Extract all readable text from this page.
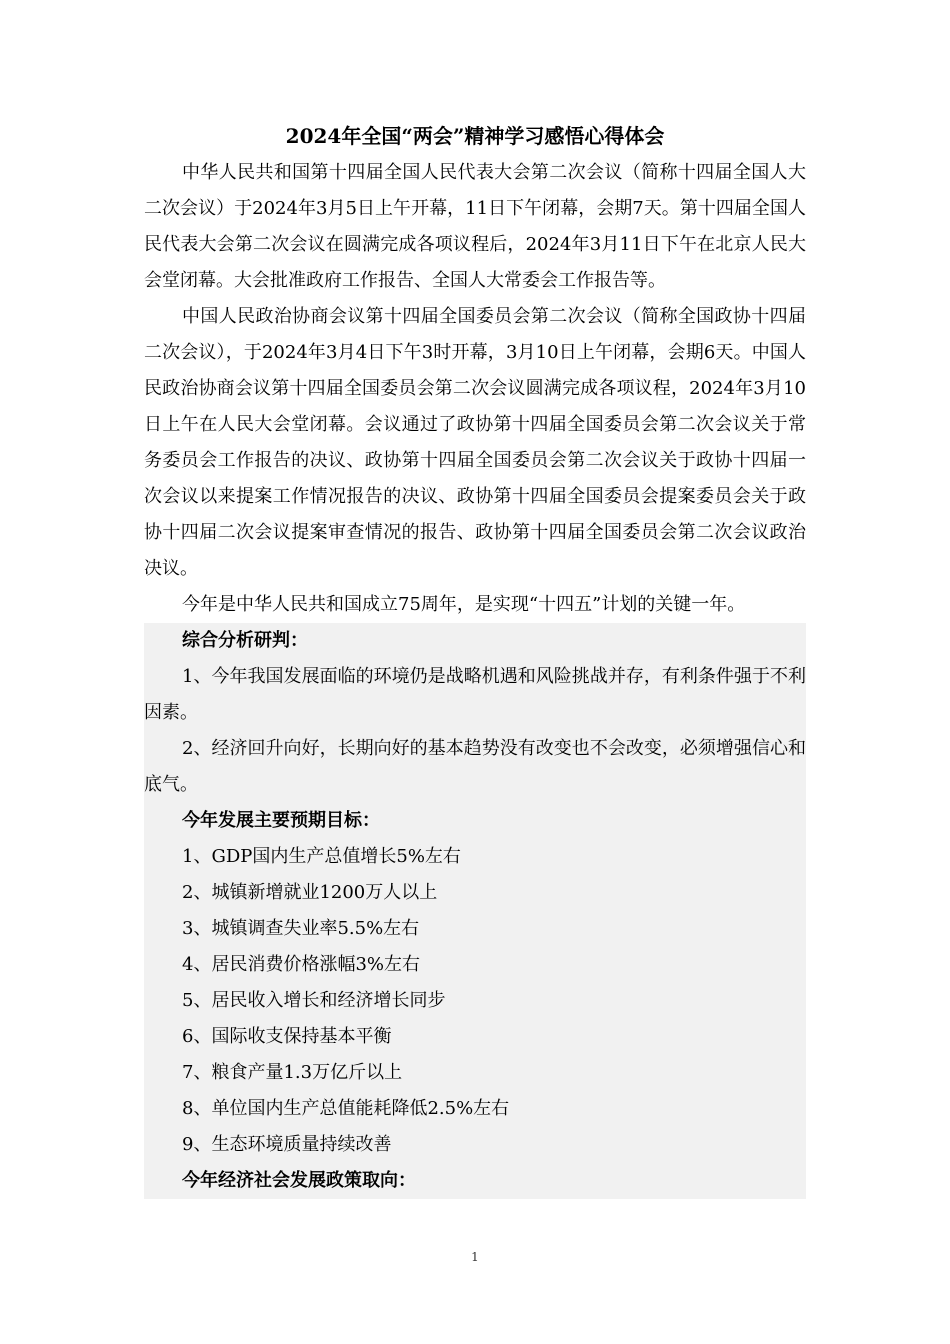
2024年全国“两会”精神学习感悟心得体会

中华人民共和国第十四届全国人民代表大会第二次会议（简称十四届全国人大二次会议）于2024年3月5日上午开幕，11日下午闭幕，会期7天。第十四届全国人民代表大会第二次会议在圆满完成各项议程后，2024年3月11日下午在北京人民大会堂闭幕。大会批准政府工作报告、全国人大常委会工作报告等。

中国人民政治协商会议第十四届全国委员会第二次会议（简称全国政协十四届二次会议），于2024年3月4日下午3时开幕，3月10日上午闭幕，会期6天。中国人民政治协商会议第十四届全国委员会第二次会议圆满完成各项议程，2024年3月10日上午在人民大会堂闭幕。会议通过了政协第十四届全国委员会第二次会议关于常务委员会工作报告的决议、政协第十四届全国委员会第二次会议关于政协十四届一次会议以来提案工作情况报告的决议、政协第十四届全国委员会提案委员会关于政协十四届二次会议提案审查情况的报告、政协第十四届全国委员会第二次会议政治决议。

今年是中华人民共和国成立75周年，是实现“十四五”计划的关键一年。

综合分析研判：

1、今年我国发展面临的环境仍是战略机遇和风险挑战并存，有利条件强于不利因素。

2、经济回升向好，长期向好的基本趋势没有改变也不会改变，必须增强信心和底气。

今年发展主要预期目标：

1、GDP国内生产总值增长5%左右

2、城镇新增就业1200万人以上

3、城镇调查失业率5.5%左右

4、居民消费价格涨幅3%左右

5、居民收入增长和经济增长同步

6、国际收支保持基本平衡

7、粮食产量1.3万亿斤以上

8、单位国内生产总值能耗降低2.5%左右

9、生态环境质量持续改善

今年经济社会发展政策取向：

1
